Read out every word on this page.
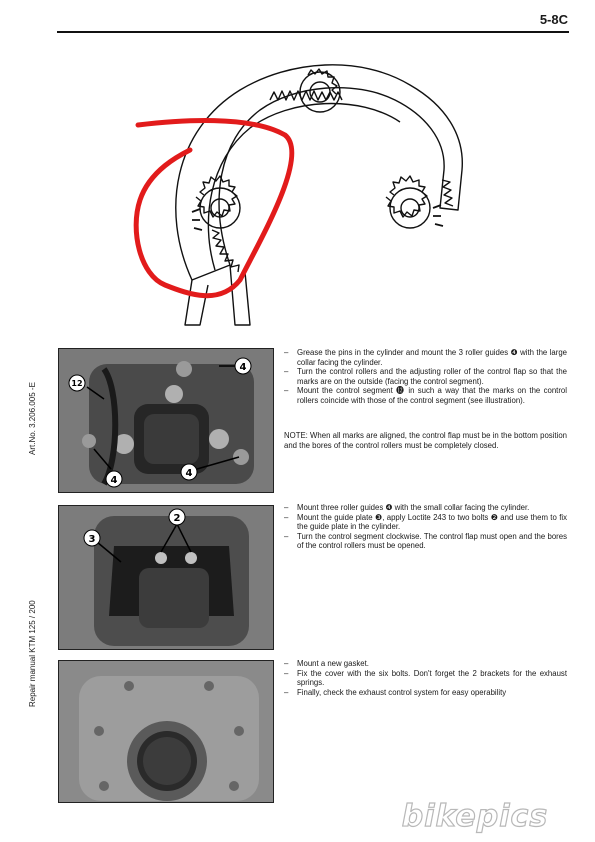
5-8C
Art.No. 3.206.005 -E
Repair manual KTM 125 / 200
4
12
4
4
2
3
– Grease the pins in the cylinder and mount the 3 roller guides ❹ with the large collar facing the cylinder.
– Turn the control rollers and the adjusting roller of the control flap so that the marks are on the outside (facing the control segment).
– Mount the control segment ⓬ in such a way that the marks on the control rollers coincide with those of the control segment (see illustration).

NOTE: When all marks are aligned, the control flap must be in the bottom position and the bores of the control rollers must be completely closed.

– Mount three roller guides ❹ with the small collar facing the cylinder.
– Mount the guide plate ❸, apply Loctite 243 to two bolts ❷ and use them to fix the guide plate in the cylinder.
– Turn the control segment clockwise. The control flap must open and the bores of the control rollers must be opened.
– Mount a new gasket.
– Fix the cover with the six bolts. Don't forget the 2 brackets for the exhaust springs.
– Finally, check the exhaust control system for easy operability
bikepics
